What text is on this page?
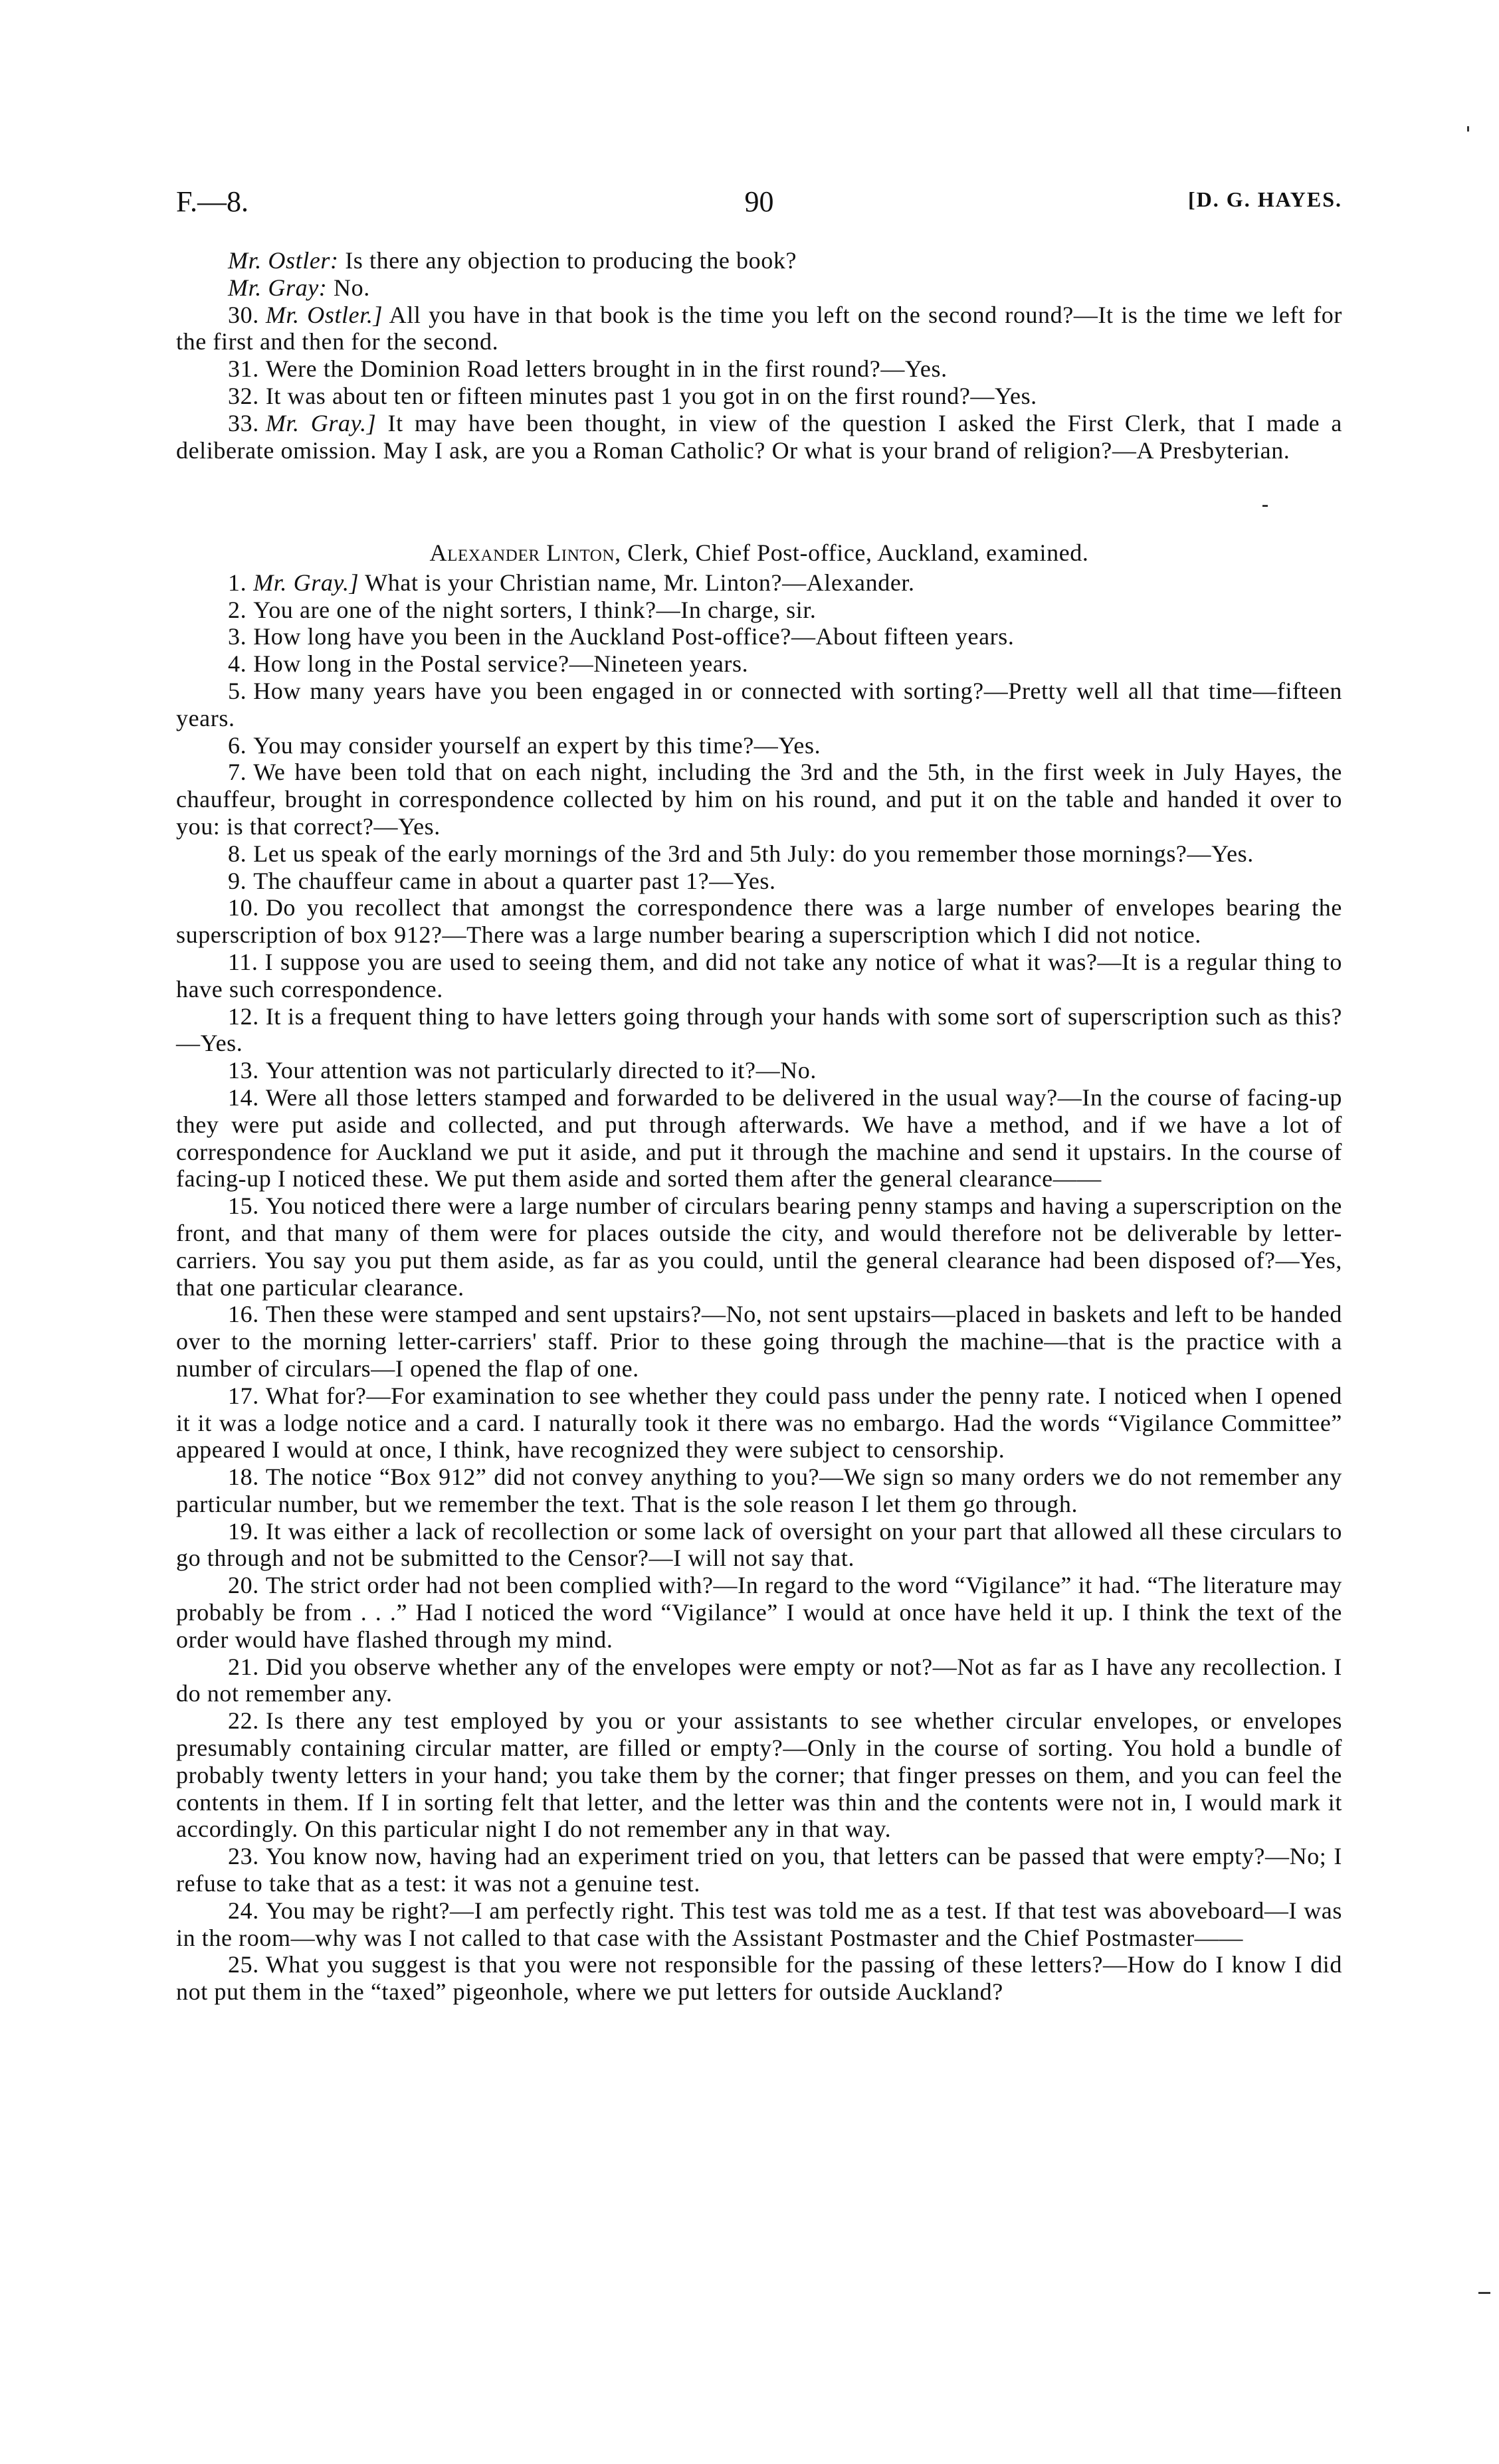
F.—8.	90	[D. G. HAYES.

Mr. Ostler: Is there any objection to producing the book?

Mr. Gray: No.

30. Mr. Ostler.] All you have in that book is the time you left on the second round?—It is the time we left for the first and then for the second.

31. Were the Dominion Road letters brought in in the first round?—Yes.

32. It was about ten or fifteen minutes past 1 you got in on the first round?—Yes.

33. Mr. Gray.] It may have been thought, in view of the question I asked the First Clerk, that I made a deliberate omission. May I ask, are you a Roman Catholic? Or what is your brand of religion?—A Presbyterian.

Alexander Linton, Clerk, Chief Post-office, Auckland, examined.

1. Mr. Gray.] What is your Christian name, Mr. Linton?—Alexander.

2. You are one of the night sorters, I think?—In charge, sir.

3. How long have you been in the Auckland Post-office?—About fifteen years.

4. How long in the Postal service?—Nineteen years.

5. How many years have you been engaged in or connected with sorting?—Pretty well all that time—fifteen years.

6. You may consider yourself an expert by this time?—Yes.

7. We have been told that on each night, including the 3rd and the 5th, in the first week in July Hayes, the chauffeur, brought in correspondence collected by him on his round, and put it on the table and handed it over to you: is that correct?—Yes.

8. Let us speak of the early mornings of the 3rd and 5th July: do you remember those mornings?—Yes.

9. The chauffeur came in about a quarter past 1?—Yes.

10. Do you recollect that amongst the correspondence there was a large number of envelopes bearing the superscription of box 912?—There was a large number bearing a superscription which I did not notice.

11. I suppose you are used to seeing them, and did not take any notice of what it was?—It is a regular thing to have such correspondence.

12. It is a frequent thing to have letters going through your hands with some sort of superscription such as this?—Yes.

13. Your attention was not particularly directed to it?—No.

14. Were all those letters stamped and forwarded to be delivered in the usual way?—In the course of facing-up they were put aside and collected, and put through afterwards. We have a method, and if we have a lot of correspondence for Auckland we put it aside, and put it through the machine and send it upstairs. In the course of facing-up I noticed these. We put them aside and sorted them after the general clearance——

15. You noticed there were a large number of circulars bearing penny stamps and having a superscription on the front, and that many of them were for places outside the city, and would therefore not be deliverable by letter-carriers. You say you put them aside, as far as you could, until the general clearance had been disposed of?—Yes, that one particular clearance.

16. Then these were stamped and sent upstairs?—No, not sent upstairs—placed in baskets and left to be handed over to the morning letter-carriers' staff. Prior to these going through the machine—that is the practice with a number of circulars—I opened the flap of one.

17. What for?—For examination to see whether they could pass under the penny rate. I noticed when I opened it it was a lodge notice and a card. I naturally took it there was no embargo. Had the words “Vigilance Committee” appeared I would at once, I think, have recognized they were subject to censorship.

18. The notice “Box 912” did not convey anything to you?—We sign so many orders we do not remember any particular number, but we remember the text. That is the sole reason I let them go through.

19. It was either a lack of recollection or some lack of oversight on your part that allowed all these circulars to go through and not be submitted to the Censor?—I will not say that.

20. The strict order had not been complied with?—In regard to the word “Vigilance” it had. “The literature may probably be from . . .” Had I noticed the word “Vigilance” I would at once have held it up. I think the text of the order would have flashed through my mind.

21. Did you observe whether any of the envelopes were empty or not?—Not as far as I have any recollection. I do not remember any.

22. Is there any test employed by you or your assistants to see whether circular envelopes, or envelopes presumably containing circular matter, are filled or empty?—Only in the course of sorting. You hold a bundle of probably twenty letters in your hand; you take them by the corner; that finger presses on them, and you can feel the contents in them. If I in sorting felt that letter, and the letter was thin and the contents were not in, I would mark it accordingly. On this particular night I do not remember any in that way.

23. You know now, having had an experiment tried on you, that letters can be passed that were empty?—No; I refuse to take that as a test: it was not a genuine test.

24. You may be right?—I am perfectly right. This test was told me as a test. If that test was aboveboard—I was in the room—why was I not called to that case with the Assistant Postmaster and the Chief Postmaster——

25. What you suggest is that you were not responsible for the passing of these letters?—How do I know I did not put them in the “taxed” pigeonhole, where we put letters for outside Auckland?
